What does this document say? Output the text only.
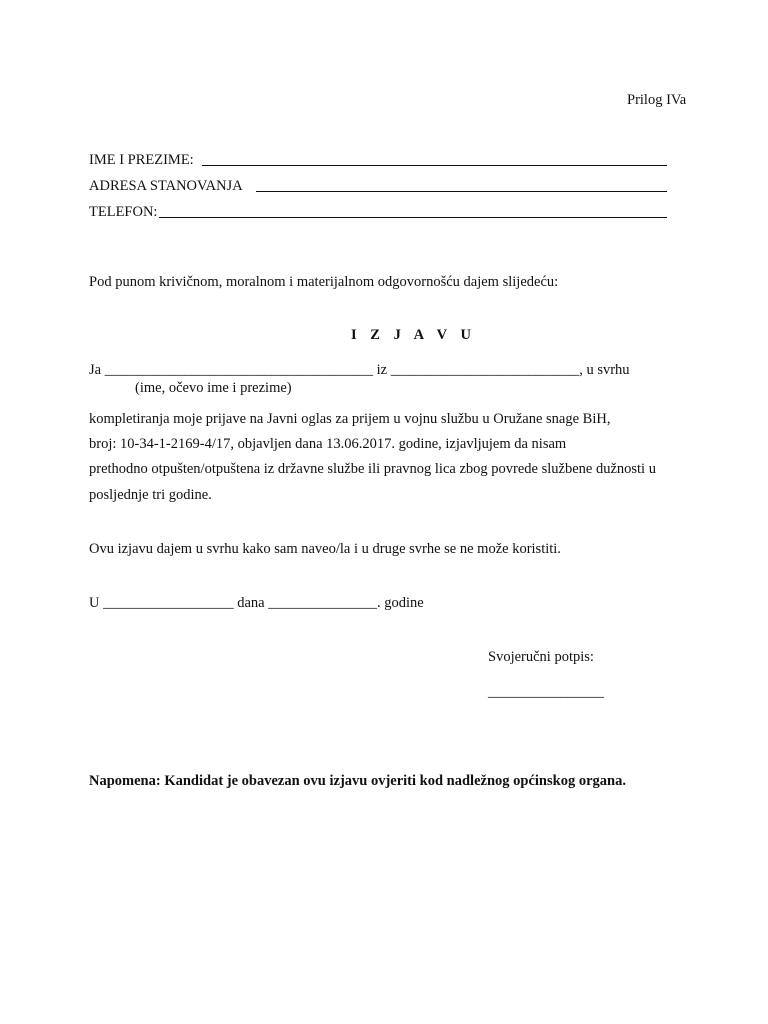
Prilog IVa
IME I PREZIME:
ADRESA STANOVANJA
TELEFON:
Pod punom krivičnom, moralnom i materijalnom odgovornošću dajem slijedeću:
I Z J A V U
Ja _____________________________________ iz __________________________, u svrhu
(ime, očevo ime i prezime)
kompletiranja moje prijave na Javni oglas za prijem u vojnu službu u Oružane snage BiH,
broj: 10-34-1-2169-4/17, objavljen dana 13.06.2017. godine, izjavljujem da nisam
prethodno otpušten/otpuštena iz državne službe ili pravnog lica zbog povrede službene dužnosti u
posljednje tri godine.
Ovu izjavu dajem u svrhu kako sam naveo/la i u druge svrhe se ne može koristiti.
U __________________ dana _______________. godine
Svojeručni potpis:
________________
Napomena: Kandidat je obavezan ovu izjavu ovjeriti kod nadležnog općinskog organa.
